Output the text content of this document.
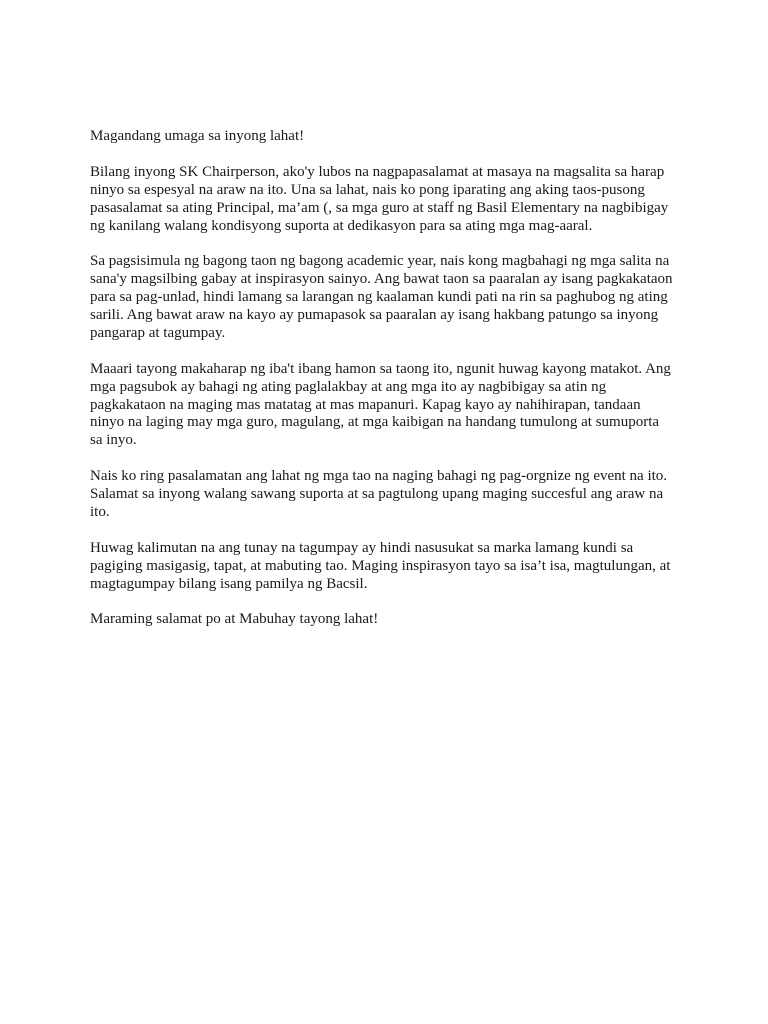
Magandang umaga sa inyong lahat!

Bilang inyong SK Chairperson, ako'y lubos na nagpapasalamat at masaya na magsalita sa harap
ninyo sa espesyal na araw na ito. Una sa lahat, nais ko pong iparating ang aking taos-pusong
pasasalamat sa ating Principal, ma’am (, sa mga guro at staff ng Basil Elementary na nagbibigay
ng kanilang walang kondisyong suporta at dedikasyon para sa ating mga mag-aaral.

Sa pagsisimula ng bagong taon ng bagong academic year, nais kong magbahagi ng mga salita na
sana'y magsilbing gabay at inspirasyon sainyo. Ang bawat taon sa paaralan ay isang pagkakataon
para sa pag-unlad, hindi lamang sa larangan ng kaalaman kundi pati na rin sa paghubog ng ating
sarili. Ang bawat araw na kayo ay pumapasok sa paaralan ay isang hakbang patungo sa inyong
pangarap at tagumpay.

Maaari tayong makaharap ng iba't ibang hamon sa taong ito, ngunit huwag kayong matakot. Ang
mga pagsubok ay bahagi ng ating paglalakbay at ang mga ito ay nagbibigay sa atin ng
pagkakataon na maging mas matatag at mas mapanuri. Kapag kayo ay nahihirapan, tandaan
ninyo na laging may mga guro, magulang, at mga kaibigan na handang tumulong at sumuporta
sa inyo.

Nais ko ring pasalamatan ang lahat ng mga tao na naging bahagi ng pag-orgnize ng event na ito.
Salamat sa inyong walang sawang suporta at sa pagtulong upang maging succesful ang araw na
ito.

Huwag kalimutan na ang tunay na tagumpay ay hindi nasusukat sa marka lamang kundi sa
pagiging masigasig, tapat, at mabuting tao. Maging inspirasyon tayo sa isa’t isa, magtulungan, at
magtagumpay bilang isang pamilya ng Bacsil.

Maraming salamat po at Mabuhay tayong lahat!
